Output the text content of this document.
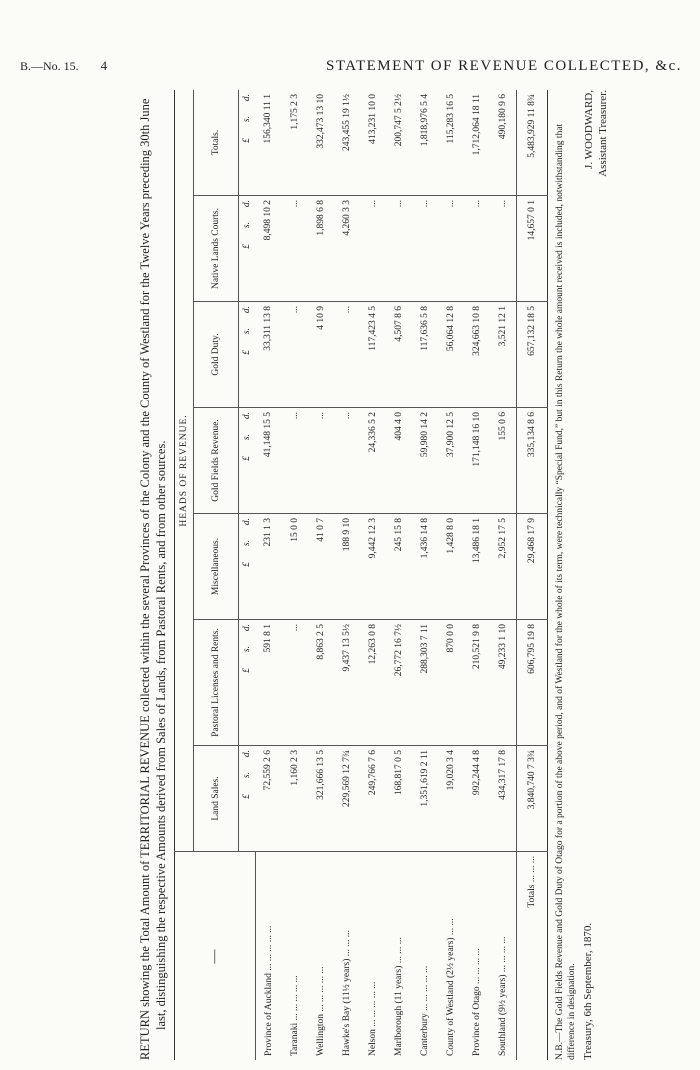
B.—No. 15. 4	STATEMENT OF REVENUE COLLECTED, &c.
RETURN showing the Total Amount of TERRITORIAL REVENUE collected within the several Provinces of the Colony and the County of Westland for the Twelve Years preceding 30th June last, distinguishing the respective Amounts derived from Sales of Lands, from Pastoral Rents, and from other sources.	—	HEADS OF REVENUE.						
	Land Sales.	Pastoral Licenses and Rents.	Miscellaneous.	Gold Fields Revenue.	Gold Duty.	Native Lands Courts.	Totals.
	£s.d.	£s.d.	£s.d.	£s.d.	£s.d.	£s.d.	£s.d.
Province of Auckland ... ... ... ... ...	72,559 2 6	591 8 1	231 1 3	41,148 15 5	33,311 13 8	8,498 10 2	156,340 11 1
Taranaki ... ... ... ... ...	1,160 2 3	...	15 0 0	...	...	...	1,175 2 3
Wellington ... ... ... ... ...	321,666 13 5	8,863 2 5	41 0 7	...	4 10 9	1,898 6 8	332,473 13 10
Hawke's Bay (11½ years) ... ... ...	229,569 12 7¾	9,437 13 5½	188 9 10	...	...	4,260 3 3	243,455 19 1½
Nelson ... ... ... ... ...	249,766 7 6	12,263 0 8	9,442 12 3	24,336 5 2	117,423 4 5	...	413,231 10 0
Marlborough (11 years) ... ... ...	168,817 0 5	26,772 16 7½	245 15 8	404 4 0	4,507 8 6	...	200,747 5 2½
Canterbury ... ... ... ... ...	1,351,619 2 11	288,303 7 11	1,436 14 8	59,980 14 2	117,636 5 8	...	1,818,976 5 4
County of Westland (2½ years) ... ...	19,020 3 4	870 0 0	1,428 8 0	37,900 12 5	56,064 12 8	...	115,283 16 5
Province of Otago ... ... ... ...	992,244 4 8	210,521 9 8	13,486 18 1	171,148 16 10	324,663 10 8	...	1,712,064 18 11
Southland (9½ years) ... ... ... ...	434,317 17 8	49,233 1 10	2,952 17 5	155 0 6	3,521 12 1	...	490,180 9 6
Totals ... ... ...	3,840,740 7 3¾	606,795 19 8	29,468 17 9	335,134 8 6	657,132 18 5	14,657 0 1	5,483,929 11 8¾ N.B.—The Gold Fields Revenue and Gold Duty of Otago for a portion of the above period, and of Westland for the whole of its term, were technically “Special Fund,” but in this Return the whole amount received is included, notwithstanding that difference in designation. Treasury, 6th September, 1870.
J. WOODWARD, Assistant Treasurer.
